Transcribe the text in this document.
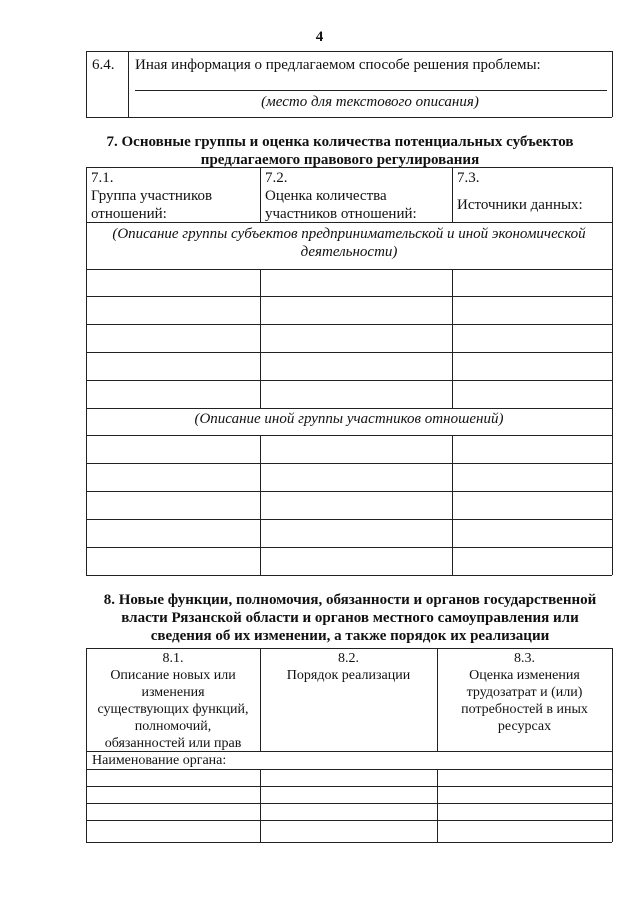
4
6.4. Иная информация о предлагаемом способе решения проблемы:
(место для текстового описания)
7. Основные группы и оценка количества потенциальных субъектов
предлагаемого правового регулирования
7.1.
Группа участников
отношений:
7.2.
Оценка количества
участников отношений:
7.3.
Источники данных:
(Описание группы субъектов предпринимательской и иной экономической
деятельности)
(Описание иной группы участников отношений)
8. Новые функции, полномочия, обязанности и органов государственной
власти Рязанской области и органов местного самоуправления или
сведения об их изменении, а также порядок их реализации
8.1.
Описание новых или
изменения
существующих функций,
полномочий,
обязанностей или прав
8.2.
Порядок реализации
8.3.
Оценка изменения
трудозатрат и (или)
потребностей в иных
ресурсах
Наименование органа:
